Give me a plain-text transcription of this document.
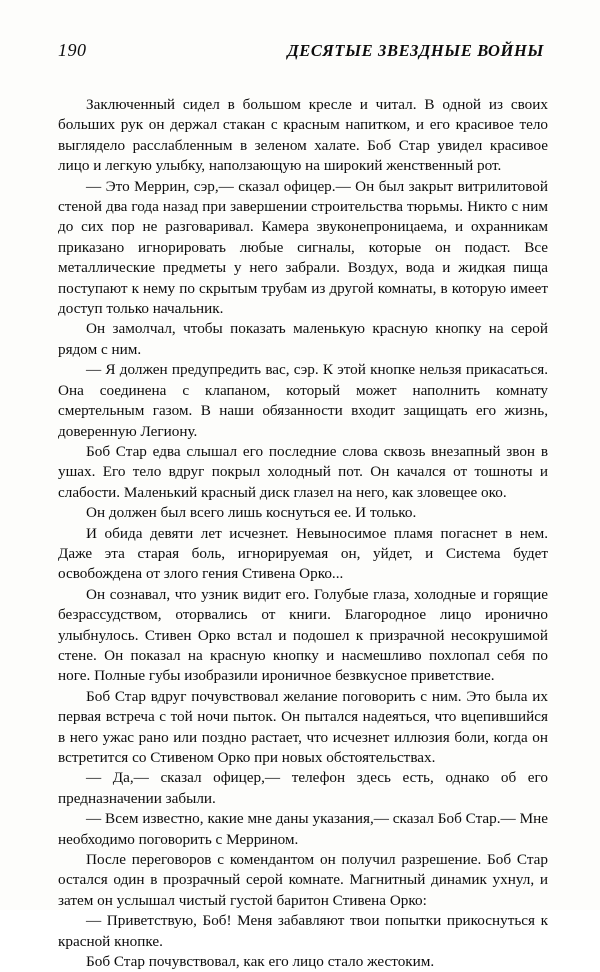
190	ДЕСЯТЫЕ ЗВЕЗДНЫЕ ВОЙНЫ

Заключенный сидел в большом кресле и читал. В одной из своих больших рук он держал стакан с красным напитком, и его красивое тело выглядело расслабленным в зеленом халате. Боб Стар увидел красивое лицо и легкую улыбку, наползающую на широкий женственный рот.

— Это Меррин, сэр,— сказал офицер.— Он был закрыт витрилитовой стеной два года назад при завершении строительства тюрьмы. Никто с ним до сих пор не разговаривал. Камера звуконепроницаема, и охранникам приказано игнорировать любые сигналы, которые он подаст. Все металлические предметы у него забрали. Воздух, вода и жидкая пища поступают к нему по скрытым трубам из другой комнаты, в которую имеет доступ только начальник.

Он замолчал, чтобы показать маленькую красную кнопку на серой рядом с ним.

— Я должен предупредить вас, сэр. К этой кнопке нельзя прикасаться. Она соединена с клапаном, который может наполнить комнату смертельным газом. В наши обязанности входит защищать его жизнь, доверенную Легиону.

Боб Стар едва слышал его последние слова сквозь внезапный звон в ушах. Его тело вдруг покрыл холодный пот. Он качался от тошноты и слабости. Маленький красный диск глазел на него, как зловещее око.

Он должен был всего лишь коснуться ее. И только.

И обида девяти лет исчезнет. Невыносимое пламя погаснет в нем. Даже эта старая боль, игнорируемая он, уйдет, и Система будет освобождена от злого гения Стивена Орко...

Он сознавал, что узник видит его. Голубые глаза, холодные и горящие безрассудством, оторвались от книги. Благородное лицо иронично улыбнулось. Стивен Орко встал и подошел к призрачной несокрушимой стене. Он показал на красную кнопку и насмешливо похлопал себя по ноге. Полные губы изобразили ироничное безвкусное приветствие.

Боб Стар вдруг почувствовал желание поговорить с ним. Это была их первая встреча с той ночи пыток. Он пытался надеяться, что вцепившийся в него ужас рано или поздно растает, что исчезнет иллюзия боли, когда он встретится со Стивеном Орко при новых обстоятельствах.

— Да,— сказал офицер,— телефон здесь есть, однако об его предназначении забыли.

— Всем известно, какие мне даны указания,— сказал Боб Стар.— Мне необходимо поговорить с Меррином.

После переговоров с комендантом он получил разрешение. Боб Стар остался один в прозрачный серой комнате. Магнитный динамик ухнул, и затем он услышал чистый густой баритон Стивена Орко:

— Приветствую, Боб! Меня забавляют твои попытки прикоснуться к красной кнопке.

Боб Стар почувствовал, как его лицо стало жестоким.
